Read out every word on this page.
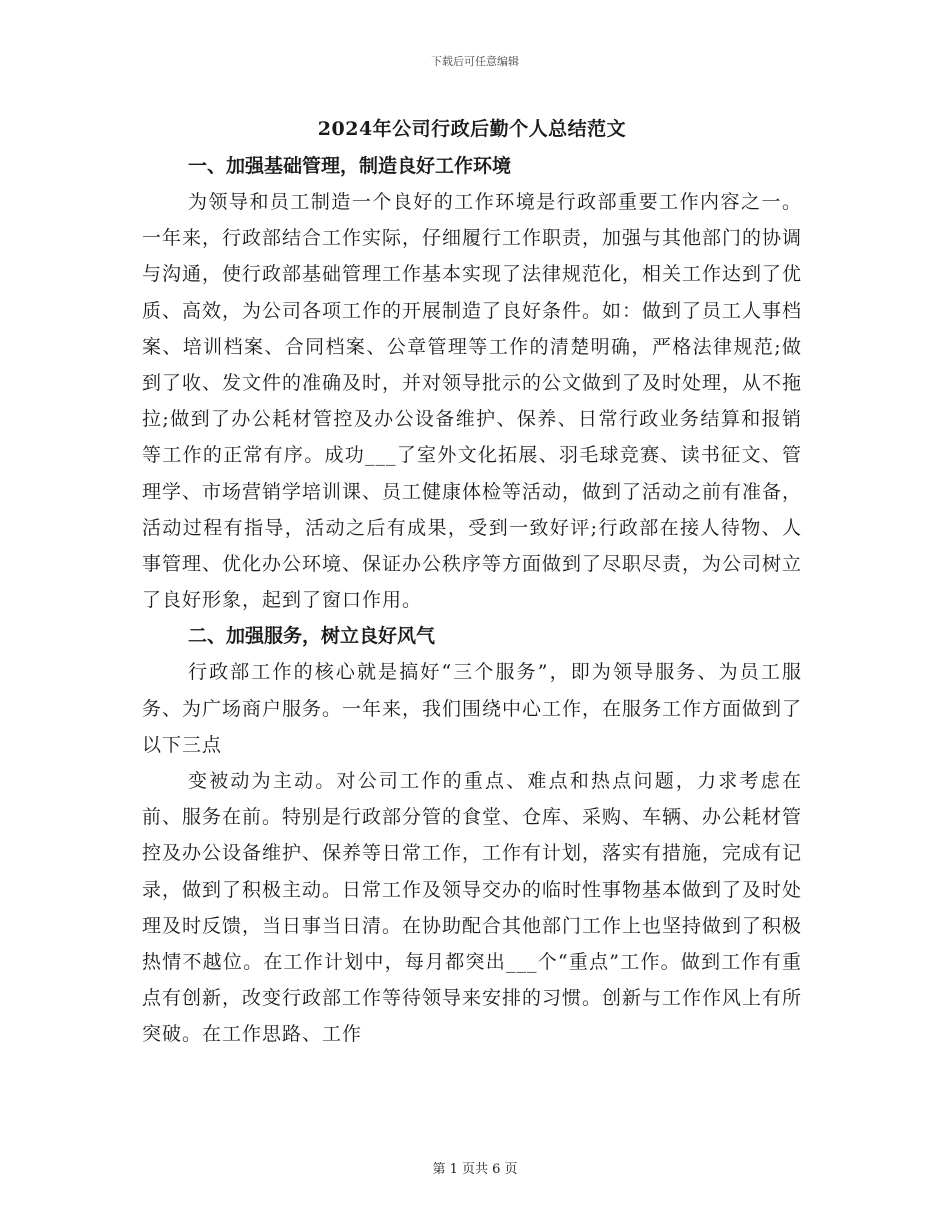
下载后可任意编辑
2024年公司行政后勤个人总结范文
一、加强基础管理，制造良好工作环境

为领导和员工制造一个良好的工作环境是行政部重要工作内容之一。一年来，行政部结合工作实际，仔细履行工作职责，加强与其他部门的协调与沟通，使行政部基础管理工作基本实现了法律规范化，相关工作达到了优质、高效，为公司各项工作的开展制造了良好条件。如：做到了员工人事档案、培训档案、合同档案、公章管理等工作的清楚明确，严格法律规范;做到了收、发文件的准确及时，并对领导批示的公文做到了及时处理，从不拖拉;做到了办公耗材管控及办公设备维护、保养、日常行政业务结算和报销等工作的正常有序。成功___了室外文化拓展、羽毛球竞赛、读书征文、管理学、市场营销学培训课、员工健康体检等活动，做到了活动之前有准备，活动过程有指导，活动之后有成果，受到一致好评;行政部在接人待物、人事管理、优化办公环境、保证办公秩序等方面做到了尽职尽责，为公司树立了良好形象，起到了窗口作用。

二、加强服务，树立良好风气

行政部工作的核心就是搞好“三个服务”，即为领导服务、为员工服务、为广场商户服务。一年来，我们围绕中心工作，在服务工作方面做到了以下三点

变被动为主动。对公司工作的重点、难点和热点问题，力求考虑在前、服务在前。特别是行政部分管的食堂、仓库、采购、车辆、办公耗材管控及办公设备维护、保养等日常工作，工作有计划，落实有措施，完成有记录，做到了积极主动。日常工作及领导交办的临时性事物基本做到了及时处理及时反馈，当日事当日清。在协助配合其他部门工作上也坚持做到了积极热情不越位。在工作计划中，每月都突出___个“重点”工作。做到工作有重点有创新，改变行政部工作等待领导来安排的习惯。创新与工作作风上有所突破。在工作思路、工作

第 1 页共 6 页
